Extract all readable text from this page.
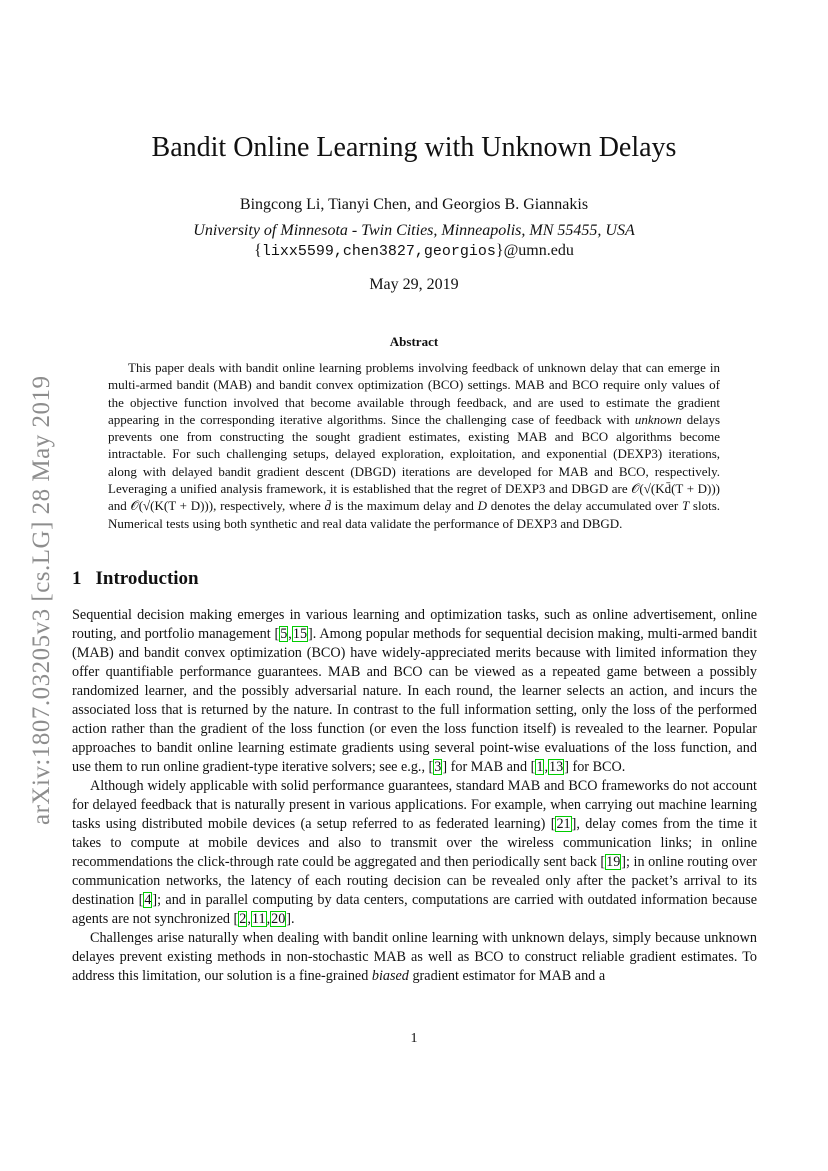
arXiv:1807.03205v3 [cs.LG] 28 May 2019
Bandit Online Learning with Unknown Delays
Bingcong Li, Tianyi Chen, and Georgios B. Giannakis
University of Minnesota - Twin Cities, Minneapolis, MN 55455, USA
{lixx5599,chen3827,georgios}@umn.edu
May 29, 2019
Abstract

This paper deals with bandit online learning problems involving feedback of unknown delay that can emerge in multi-armed bandit (MAB) and bandit convex optimization (BCO) settings. MAB and BCO require only values of the objective function involved that become available through feedback, and are used to estimate the gradient appearing in the corresponding iterative algorithms. Since the challenging case of feedback with unknown delays prevents one from constructing the sought gradient estimates, existing MAB and BCO algorithms become intractable. For such challenging setups, delayed exploration, exploitation, and exponential (DEXP3) iterations, along with delayed bandit gradient descent (DBGD) iterations are developed for MAB and BCO, respectively. Leveraging a unified analysis framework, it is established that the regret of DEXP3 and DBGD are 𝒪(√(Kd̄(T + D))) and 𝒪(√(K(T + D))), respectively, where d̄ is the maximum delay and D denotes the delay accumulated over T slots. Numerical tests using both synthetic and real data validate the performance of DEXP3 and DBGD.

1 Introduction

Sequential decision making emerges in various learning and optimization tasks, such as online advertisement, online routing, and portfolio management [5,15]. Among popular methods for sequential decision making, multi-armed bandit (MAB) and bandit convex optimization (BCO) have widely-appreciated merits because with limited information they offer quantifiable performance guarantees. MAB and BCO can be viewed as a repeated game between a possibly randomized learner, and the possibly adversarial nature. In each round, the learner selects an action, and incurs the associated loss that is returned by the nature. In contrast to the full information setting, only the loss of the performed action rather than the gradient of the loss function (or even the loss function itself) is revealed to the learner. Popular approaches to bandit online learning estimate gradients using several point-wise evaluations of the loss function, and use them to run online gradient-type iterative solvers; see e.g., [3] for MAB and [1,13] for BCO.

Although widely applicable with solid performance guarantees, standard MAB and BCO frameworks do not account for delayed feedback that is naturally present in various applications. For example, when carrying out machine learning tasks using distributed mobile devices (a setup referred to as federated learning) [21], delay comes from the time it takes to compute at mobile devices and also to transmit over the wireless communication links; in online recommendations the click-through rate could be aggregated and then periodically sent back [19]; in online routing over communication networks, the latency of each routing decision can be revealed only after the packet’s arrival to its destination [4]; and in parallel computing by data centers, computations are carried with outdated information because agents are not synchronized [2,11,20].

Challenges arise naturally when dealing with bandit online learning with unknown delays, simply because unknown delayes prevent existing methods in non-stochastic MAB as well as BCO to construct reliable gradient estimates. To address this limitation, our solution is a fine-grained biased gradient estimator for MAB and a

1
